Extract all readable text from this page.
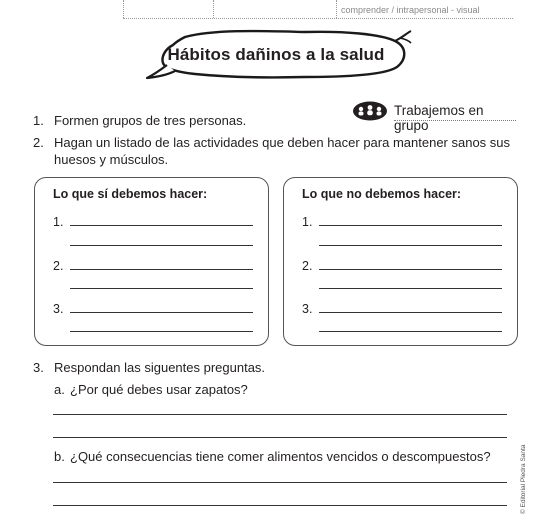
comprender / intrapersonal - visual
Hábitos dañinos a la salud
Trabajemos en grupo
1. Formen grupos de tres personas.
2. Hagan un listado de las actividades que deben hacer para mantener sanos sus huesos y músculos.
Lo que sí debemos hacer:
1.
2.
3.
Lo que no debemos hacer:
1.
2.
3.
3. Respondan las siguentes preguntas.
a. ¿Por qué debes usar zapatos?
b. ¿Qué consecuencias tiene comer alimentos vencidos o descompuestos?	© Editorial Piedra Santa
